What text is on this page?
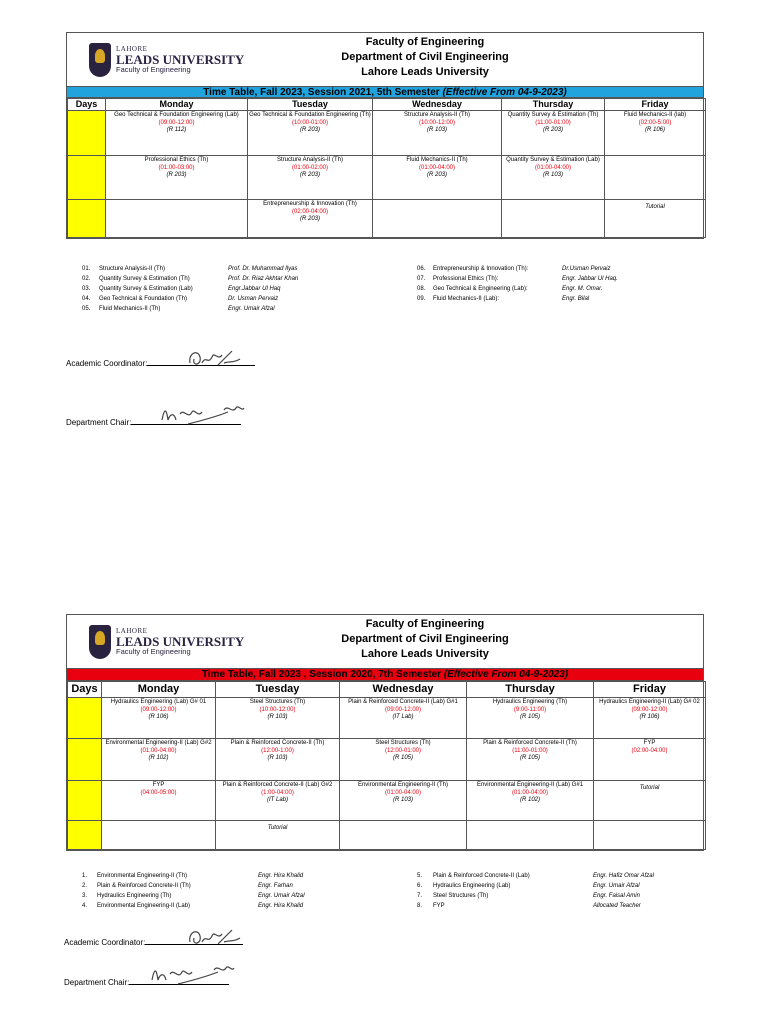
LAHORE
LEADS UNIVERSITY
Faculty of Engineering
Faculty of Engineering
Department of Civil Engineering
Lahore Leads University
Time Table, Fall 2023, Session 2021, 5th Semester (Effective From 04-9-2023)
Days	Monday	Tuesday	Wednesday	Thursday	Friday

	Geo Technical & Foundation Engineering (Lab)
(09:00-12:00)
(R 112)	Geo Technical & Foundation Engineering (Th)
(10:00-01:00)
(R 203)	Structure Analysis-II (Th)
(10:00-12:00)
(R 103)	Quantity Survey & Estimation (Th)
(11:00-01:00)
(R 203)	Fluid Mechanics-II (lab)
(02:00-5:00)
(R 106)

	Professional Ethics (Th)
(01:00-03:00)
(R 203)	Structure Analysis-II (Th)
(01:00-02:00)
(R 203)	Fluid Mechanics-II (Th)
(01:00-04:00)
(R 203)	Quantity Survey & Estimation (Lab)
(01:00-04:00)
(R 103)	

		Entrepreneurship & Innovation (Th)
(02:00-04:00)
(R 203)			Tutorial
01. Structure Analysis-II (Th)	Prof. Dr. Muhammad Ilyas
02. Quantity Survey & Estimation (Th)	Prof. Dr. Riaz Akhtar Khan
03. Quantity Survey & Estimation (Lab)	Engr.Jabbar Ul Haq
04. Geo Technical & Foundation (Th)	Dr. Usman Pervaiz
05. Fluid Mechanics-II (Th)	Engr. Umair Afzal
06. Entrepreneurship & Innovation (Th):	Dr.Usman Pervaiz
07. Professional Ethics (Th):	Engr. Jabbar Ul Haq.
08. Geo Technical & Engineering (Lab):	Engr. M. Omar.
09. Fluid Mechanics-II (Lab):	Engr. Bilal
Academic Coordinator:
Department Chair:
LAHORE
LEADS UNIVERSITY
Faculty of Engineering
Faculty of Engineering
Department of Civil Engineering
Lahore Leads University
Time Table, Fall 2023 , Session 2020, 7th Semester (Effective From 04-9-2023)
Days	Monday	Tuesday	Wednesday	Thursday	Friday

	Hydraulics Engineering (Lab) G# 01
(09:00-12:00)
(R 106)	Steel Structures (Th)
(10:00-12:00)
(R 103)	Plain & Reinforced Concrete-II (Lab) G#1
(09:00-12:00)
(IT Lab)	Hydraulics Engineering (Th)
(9:00-11:00)
(R 105)	Hydraulics Engineering-II (Lab) G# 02
(09:00-12:00)
(R 106)

	Environmental Engineering-II (Lab) G#2
(01:00-04:00)
(R 102)	Plain & Reinforced Concrete-II (Th)
(12:00-1:00)
(R 103)	Steel Structures (Th)
(12:00-01:00)
(R 105)	Plain & Reinforced Concrete-II (Th)
(11:00-01:00)
(R 105)	FYP
(02:00-04:00)

	FYP
(04:00-05:00)	Plain & Reinforced Concrete-II (Lab) G#2
(1:00-04:00)
(IT Lab)	Environmental Engineering-II (Th)
(01:00-04:00)
(R 103)	Environmental Engineering-II (Lab) G#1
(01:00-04:00)
(R 102)	Tutorial

		Tutorial			

1. Environmental Engineering-II (Th)	Engr. Hira Khalid
2. Plain & Reinforced Concrete-II (Th)	Engr. Farhan
3. Hydraulics Engineering (Th)	Engr. Umair Afzal
4. Environmental Engineering-II (Lab)	Engr. Hira Khalid
5. Plain & Reinforced Concrete-II (Lab)	Engr. Hafiz Omar Afzal
6. Hydraulics Engineering (Lab)	Engr. Umair Afzal
7. Steel Structures (Th)	Engr. Faisal Amin
8. FYP	Allocated Teacher
Academic Coordinator:
Department Chair:
